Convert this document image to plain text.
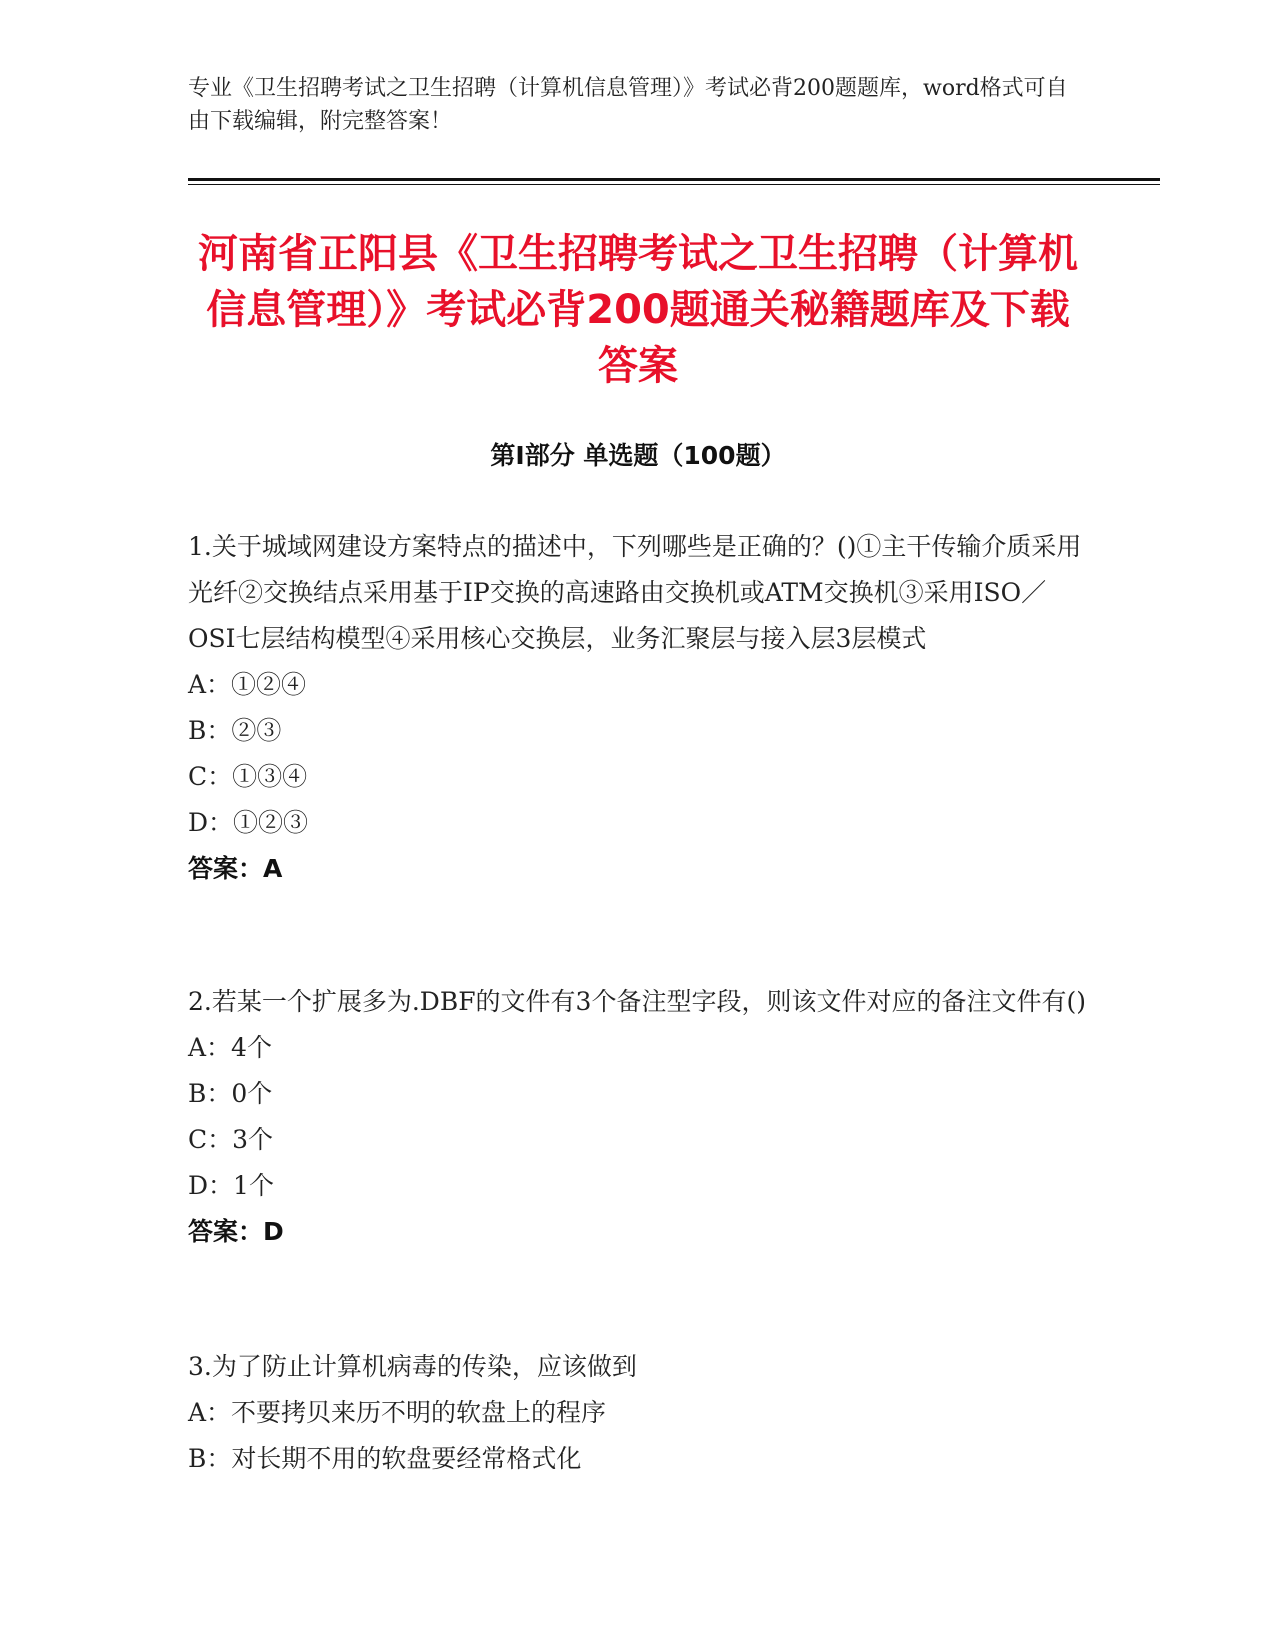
专业《卫生招聘考试之卫生招聘（计算机信息管理）》考试必背200题题库，word格式可自由下载编辑，附完整答案！
河南省正阳县《卫生招聘考试之卫生招聘（计算机信息管理）》考试必背200题通关秘籍题库及下载答案
第Ⅰ部分 单选题（100题）
1.关于城域网建设方案特点的描述中，下列哪些是正确的？()①主干传输介质采用光纤②交换结点采用基于IP交换的高速路由交换机或ATM交换机③采用ISO／OSI七层结构模型④采用核心交换层，业务汇聚层与接入层3层模式
A：①②④
B：②③
C：①③④
D：①②③
答案：A
2.若某一个扩展多为.DBF的文件有3个备注型字段，则该文件对应的备注文件有()
A：4个
B：0个
C：3个
D：1个
答案：D
3.为了防止计算机病毒的传染，应该做到
A：不要拷贝来历不明的软盘上的程序
B：对长期不用的软盘要经常格式化
